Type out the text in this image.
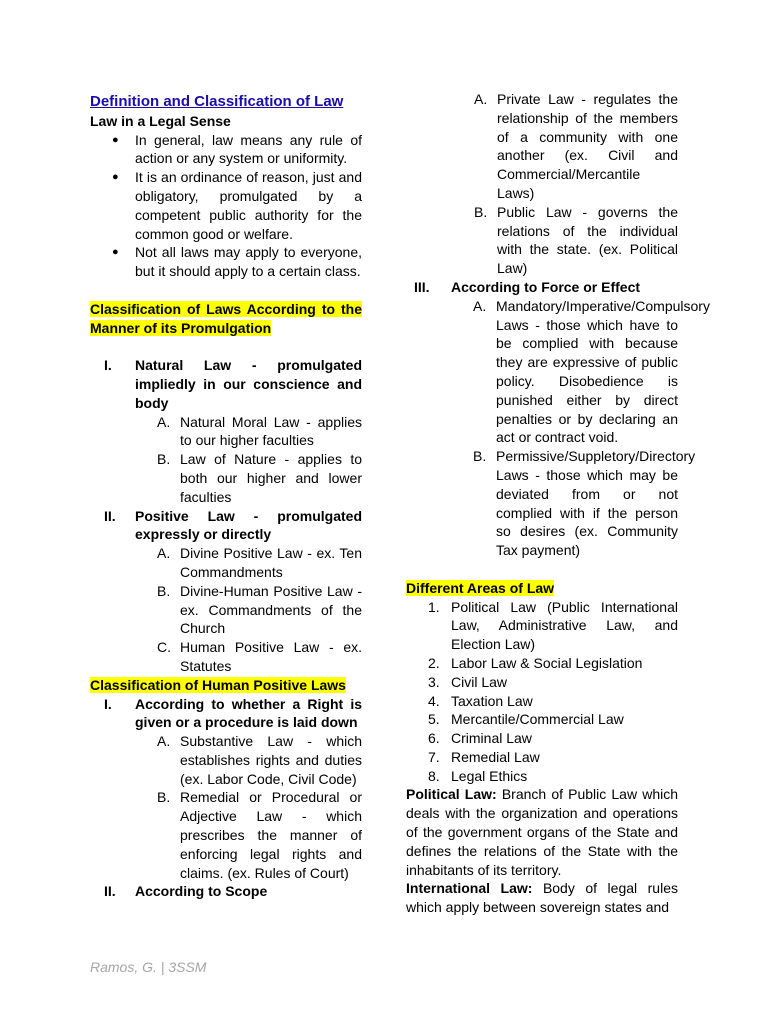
Definition and Classification of Law

Law in a Legal Sense

● In general, law means any rule of action or any system or uniformity.
● It is an ordinance of reason, just and obligatory, promulgated by a competent public authority for the common good or welfare.
● Not all laws may apply to everyone, but it should apply to a certain class.

Classification of Laws According to the Manner of its Promulgation

I. Natural Law - promulgated impliedly in our conscience and body
A. Natural Moral Law - applies to our higher faculties
B. Law of Nature - applies to both our higher and lower faculties
II. Positive Law - promulgated expressly or directly
A. Divine Positive Law - ex. Ten Commandments
B. Divine-Human Positive Law - ex. Commandments of the Church
C. Human Positive Law - ex. Statutes

Classification of Human Positive Laws

I. According to whether a Right is given or a procedure is laid down
A. Substantive Law - which establishes rights and duties (ex. Labor Code, Civil Code)
B. Remedial or Procedural or Adjective Law - which prescribes the manner of enforcing legal rights and claims. (ex. Rules of Court)
II. According to Scope
A. Private Law - regulates the relationship of the members of a community with one another (ex. Civil and Commercial/Mercantile Laws)
B. Public Law - governs the relations of the individual with the state. (ex. Political Law)
III. According to Force or Effect
A. Mandatory/Imperative/Compulsory Laws - those which have to be complied with because they are expressive of public policy. Disobedience is punished either by direct penalties or by declaring an act or contract void.
B. Permissive/Suppletory/Directory Laws - those which may be deviated from or not complied with if the person so desires (ex. Community Tax payment)

Different Areas of Law

1. Political Law (Public International Law, Administrative Law, and Election Law)
2. Labor Law & Social Legislation
3. Civil Law
4. Taxation Law
5. Mercantile/Commercial Law
6. Criminal Law
7. Remedial Law
8. Legal Ethics

Political Law: Branch of Public Law which deals with the organization and operations of the government organs of the State and defines the relations of the State with the inhabitants of its territory.

International Law: Body of legal rules which apply between sovereign states and

Ramos, G. | 3SSM
